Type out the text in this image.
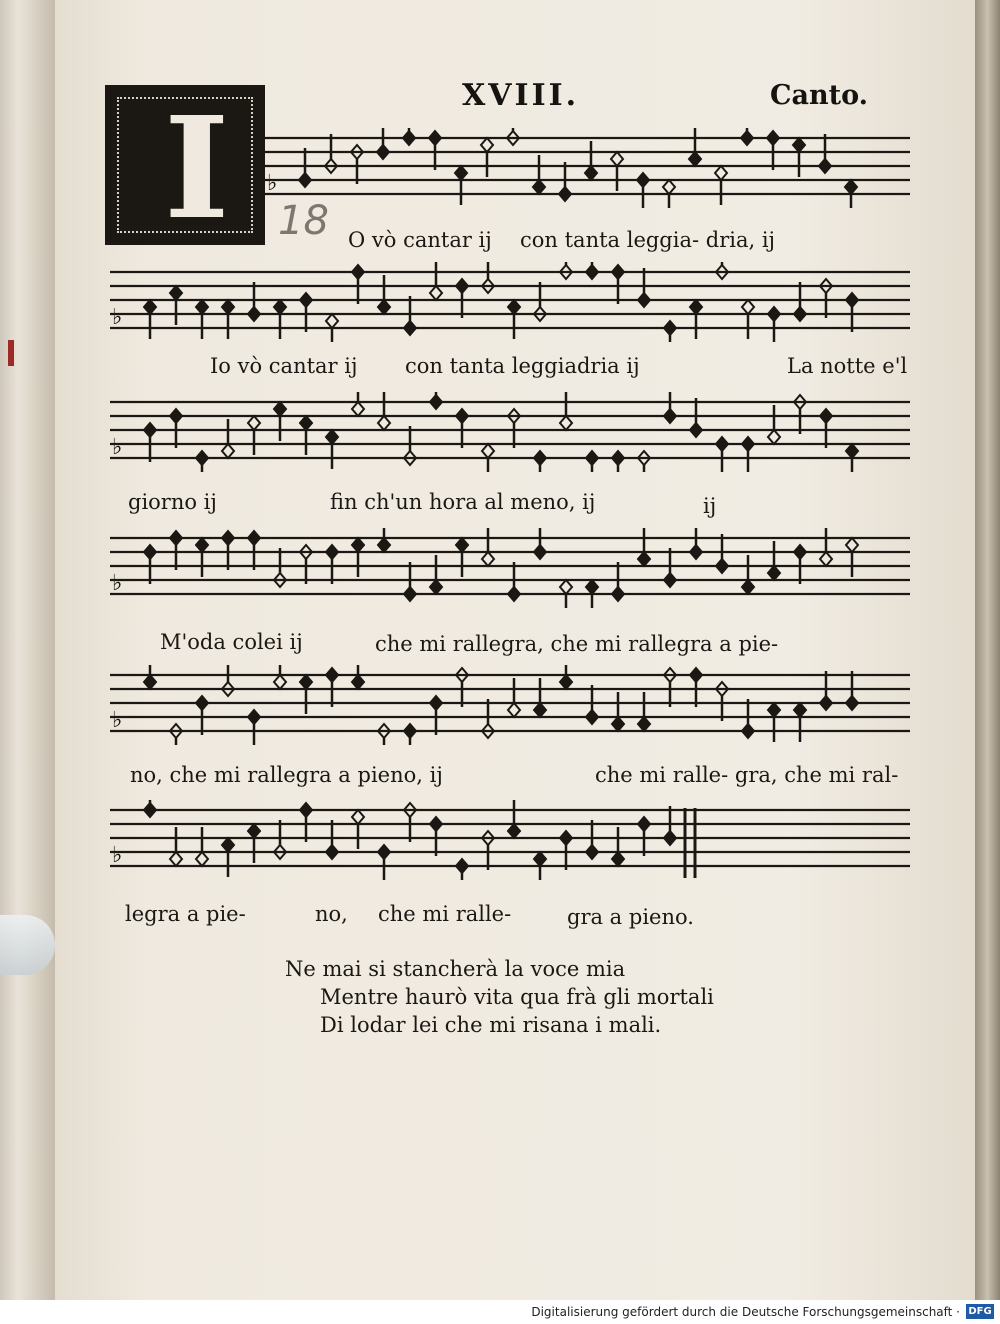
XVIII.	Canto.
I 18
♭
♭
♭
♭
♭
♭
O vò cantar ij con tanta leggia- dria, ij
Io vò cantar ij con tanta leggiadria ij	La notte e'l
giorno ij	fin ch'un hora al meno, ij	ij
M'oda colei ij	che mi rallegra, che mi rallegra a pie-
no, che mi rallegra a pieno, ij	che mi ralle- gra, che mi ral-
legra a pie-	no, che mi ralle-	gra a pieno.
Ne mai si stancherà la voce mia
Mentre haurò vita qua frà gli mortali
Di lodar lei che mi risana i mali.
Digitalisierung gefördert durch die Deutsche Forschungsgemeinschaft · DFG
